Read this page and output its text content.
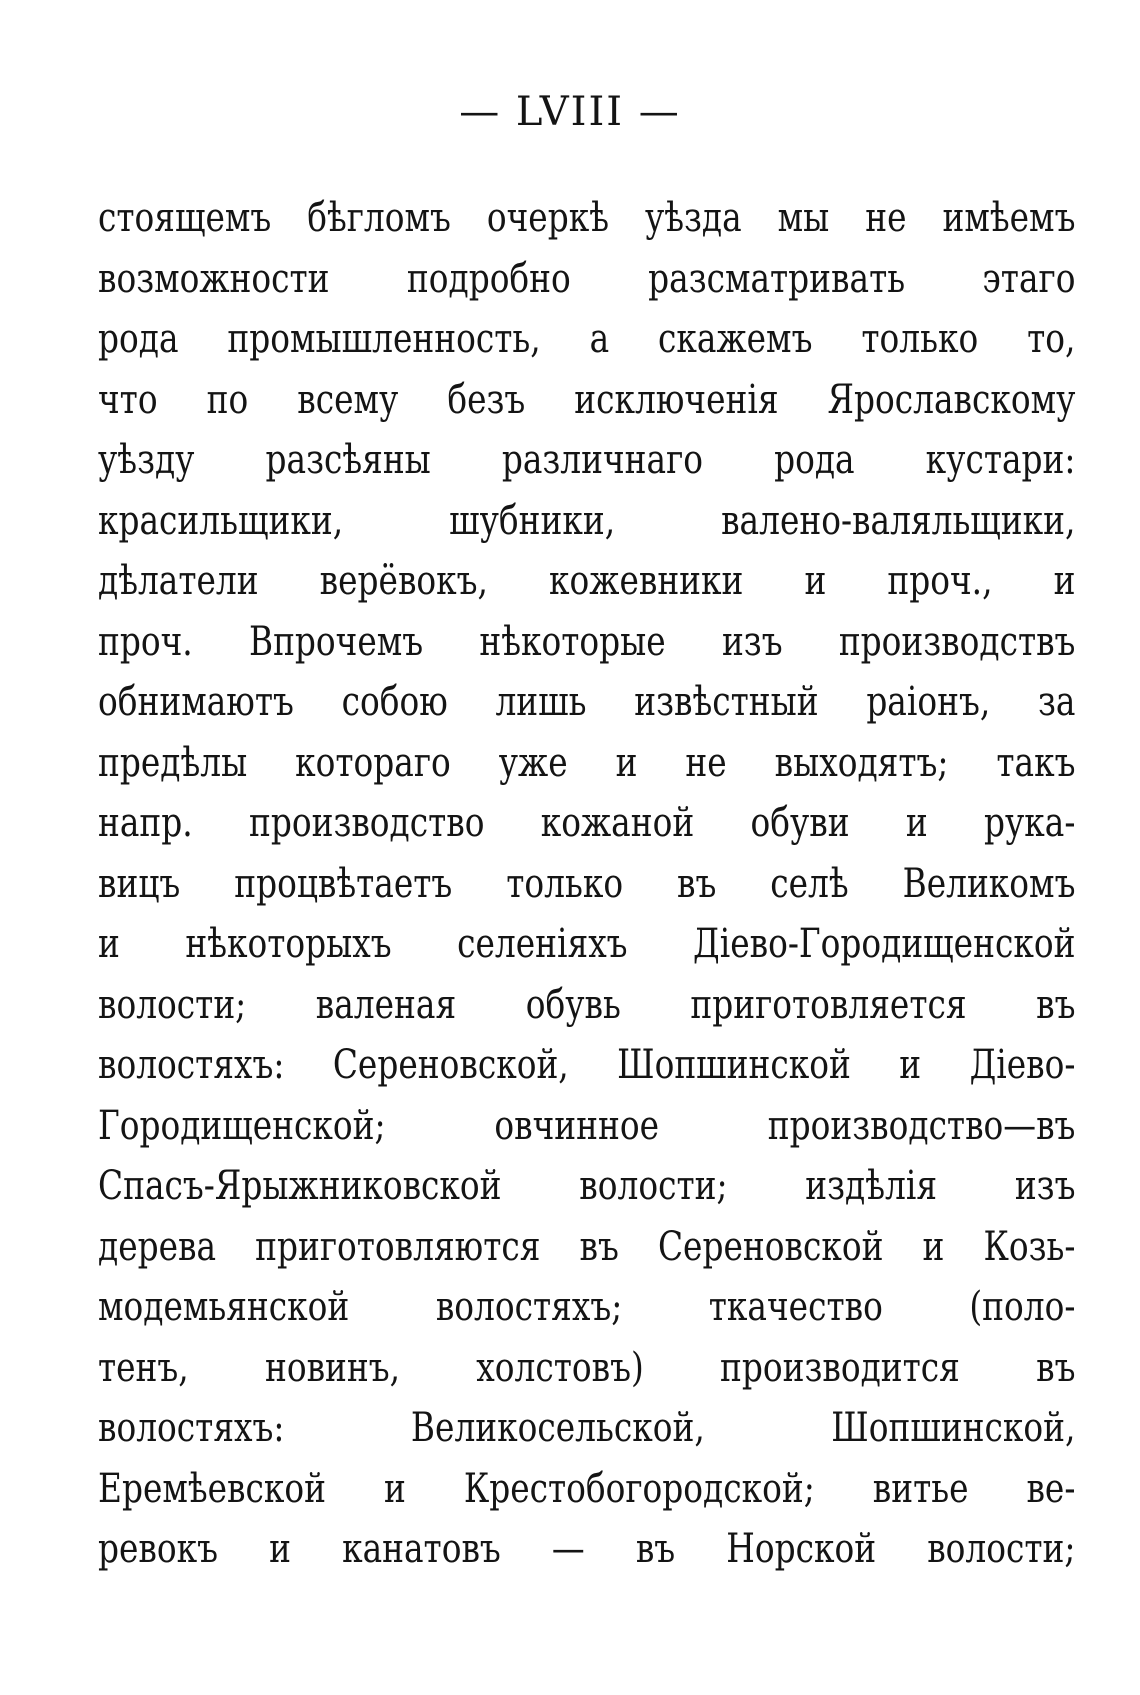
— LVIII —
стоящемъ бѣгломъ очеркѣ уѣзда мы не имѣемъ
возможности подробно разсматривать этаго
рода промышленность, а скажемъ только то,
что по всему безъ исключенія Ярославскому
уѣзду разсѣяны различнаго рода кустари:
красильщики, шубники, валено-валяльщики,
дѣлатели верёвокъ, кожевники и проч., и
проч. Впрочемъ нѣкоторые изъ производствъ
обнимаютъ собою лишь извѣстный раіонъ, за
предѣлы котораго уже и не выходятъ; такъ
напр. производство кожаной обуви и рука-
вицъ процвѣтаетъ только въ селѣ Великомъ
и нѣкоторыхъ селеніяхъ Діево-Городищенской
волости; валеная обувь приготовляется въ
волостяхъ: Сереновской, Шопшинской и Діево-
Городищенской; овчинное производство—въ
Спасъ-Ярыжниковской волости; издѣлія изъ
дерева приготовляются въ Сереновской и Козь-
модемьянской волостяхъ; ткачество (поло-
тенъ, новинъ, холстовъ) производится въ
волостяхъ: Великосельской, Шопшинской,
Еремѣевской и Крестобогородской; витье ве-
ревокъ и канатовъ — въ Норской волости;
